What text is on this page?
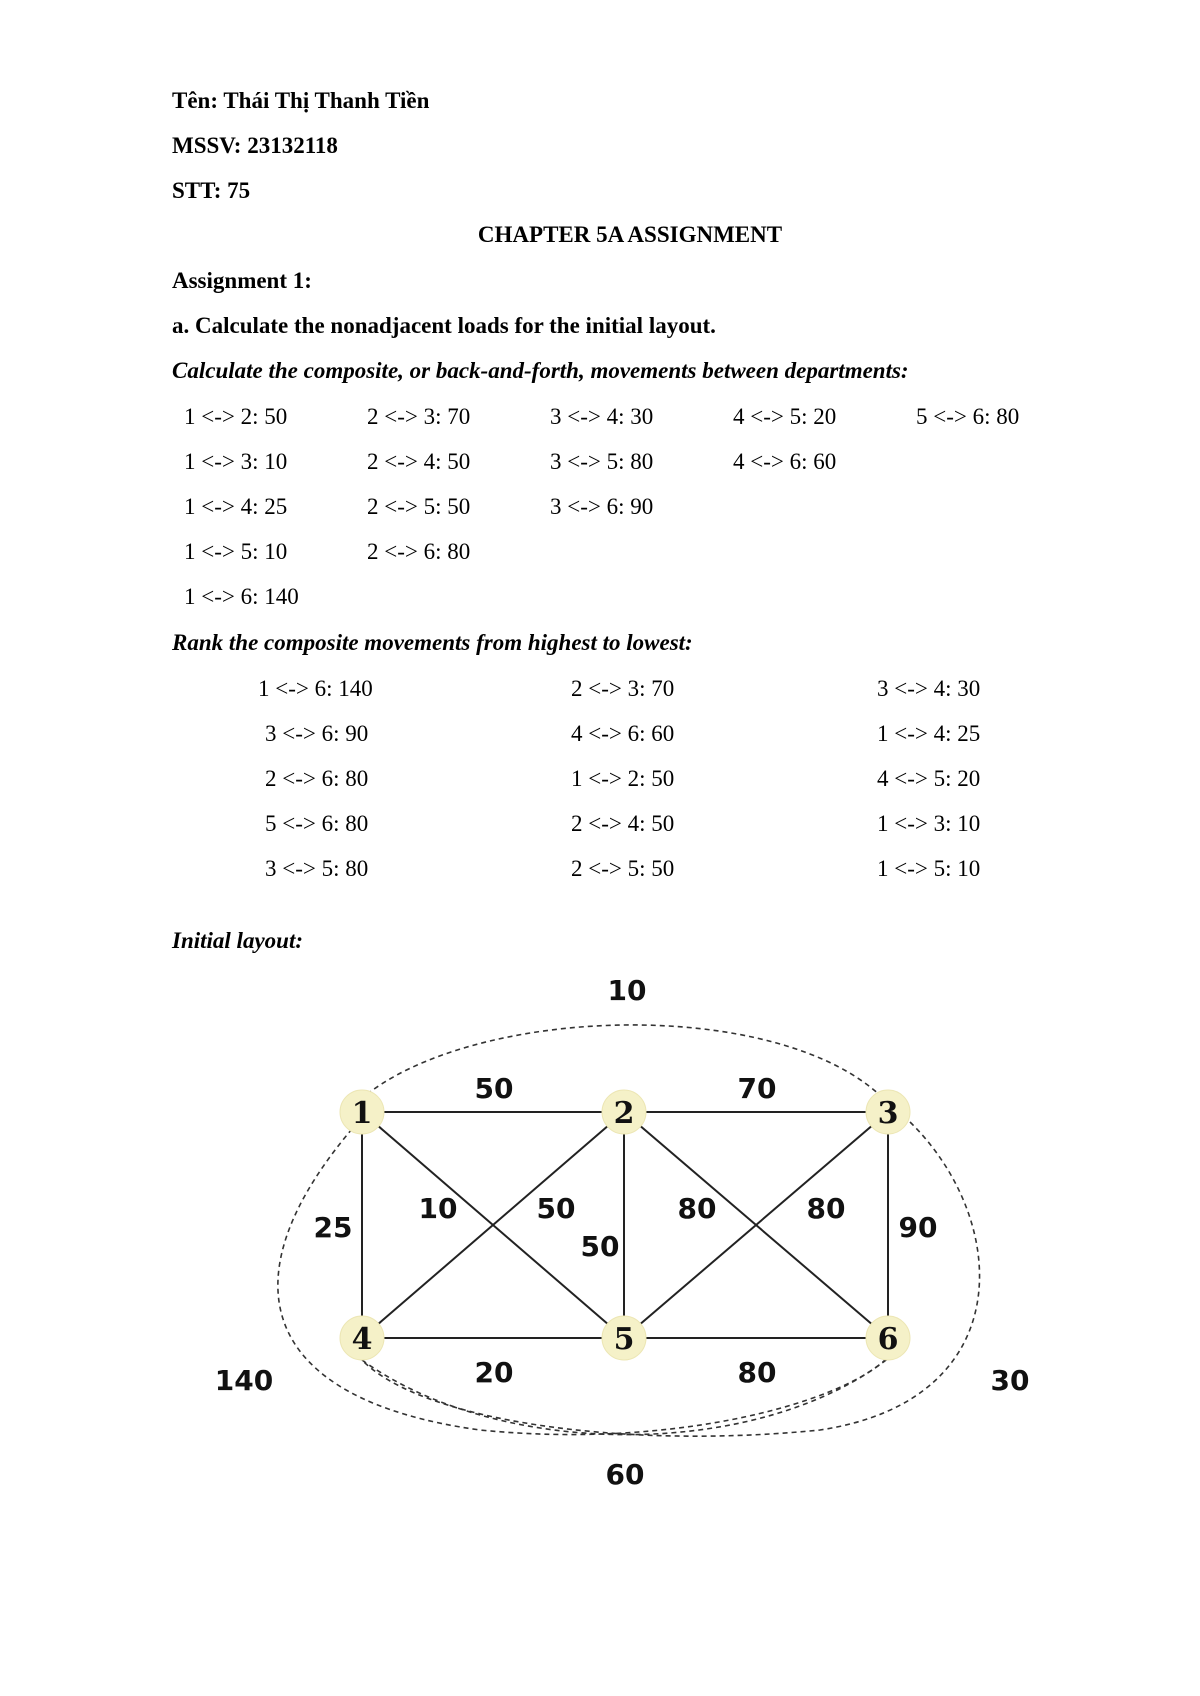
Tên: Thái Thị Thanh Tiền
MSSV: 23132118
STT: 75
CHAPTER 5A ASSIGNMENT
Assignment 1:
a. Calculate the nonadjacent loads for the initial layout.
Calculate the composite, or back-and-forth, movements between departments:
1 <-> 2: 50
1 <-> 3: 10
1 <-> 4: 25
1 <-> 5: 10
1 <-> 6: 140
2 <-> 3: 70
2 <-> 4: 50
2 <-> 5: 50
2 <-> 6: 80
3 <-> 4: 30
3 <-> 5: 80
3 <-> 6: 90
4 <-> 5: 20
4 <-> 6: 60
5 <-> 6: 80
Rank the composite movements from highest to lowest:
1 <-> 6: 140
3 <-> 6: 90
2 <-> 6: 80
5 <-> 6: 80
3 <-> 5: 80
2 <-> 3: 70
4 <-> 6: 60
1 <-> 2: 50
2 <-> 4: 50
2 <-> 5: 50
3 <-> 4: 30
1 <-> 4: 25
4 <-> 5: 20
1 <-> 3: 10
1 <-> 5: 10
Initial layout:
1	2	3
4	5	6
10
50	70
25
10	50
50
80	80
90
140	20	80	30
60
